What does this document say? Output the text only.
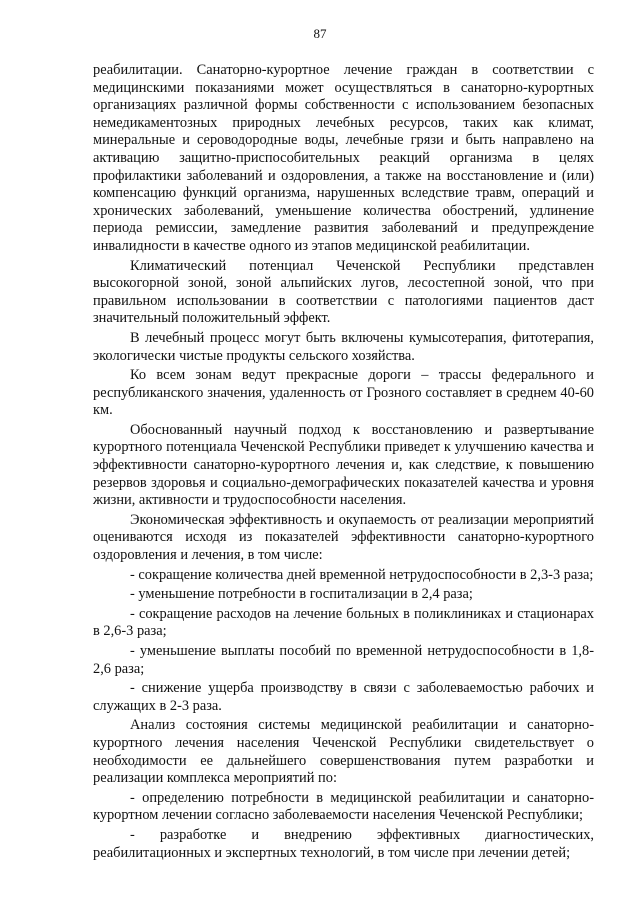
87

реабилитации. Санаторно-курортное лечение граждан в соответствии с медицинскими показаниями может осуществляться в санаторно-курортных организациях различной формы собственности с использованием безопасных немедикаментозных природных лечебных ресурсов, таких как климат, минеральные и сероводородные воды, лечебные грязи и быть направлено на активацию защитно-приспособительных реакций организма в целях профилактики заболеваний и оздоровления, а также на восстановление и (или) компенсацию функций организма, нарушенных вследствие травм, операций и хронических заболеваний, уменьшение количества обострений, удлинение периода ремиссии, замедление развития заболеваний и предупреждение инвалидности в качестве одного из этапов медицинской реабилитации.

Климатический потенциал Чеченской Республики представлен высокогорной зоной, зоной альпийских лугов, лесостепной зоной, что при правильном использовании в соответствии с патологиями пациентов даст значительный положительный эффект.

В лечебный процесс могут быть включены кумысотерапия, фитотерапия, экологически чистые продукты сельского хозяйства.

Ко всем зонам ведут прекрасные дороги – трассы федерального и республиканского значения, удаленность от Грозного составляет в среднем 40-60 км.

Обоснованный научный подход к восстановлению и развертывание курортного потенциала Чеченской Республики приведет к улучшению качества и эффективности санаторно-курортного лечения и, как следствие, к повышению резервов здоровья и социально-демографических показателей качества и уровня жизни, активности и трудоспособности населения.

Экономическая эффективность и окупаемость от реализации мероприятий оцениваются исходя из показателей эффективности санаторно-курортного оздоровления и лечения, в том числе:

- сокращение количества дней временной нетрудоспособности в 2,3-3 раза;

- уменьшение потребности в госпитализации в 2,4 раза;

- сокращение расходов на лечение больных в поликлиниках и стационарах в 2,6-3 раза;

- уменьшение выплаты пособий по временной нетрудоспособности в 1,8-2,6 раза;

- снижение ущерба производству в связи с заболеваемостью рабочих и служащих в 2-3 раза.

Анализ состояния системы медицинской реабилитации и санаторно-курортного лечения населения Чеченской Республики свидетельствует о необходимости ее дальнейшего совершенствования путем разработки и реализации комплекса мероприятий по:

- определению потребности в медицинской реабилитации и санаторно-курортном лечении согласно заболеваемости населения Чеченской Республики;

- разработке и внедрению эффективных диагностических, реабилитационных и экспертных технологий, в том числе при лечении детей;
